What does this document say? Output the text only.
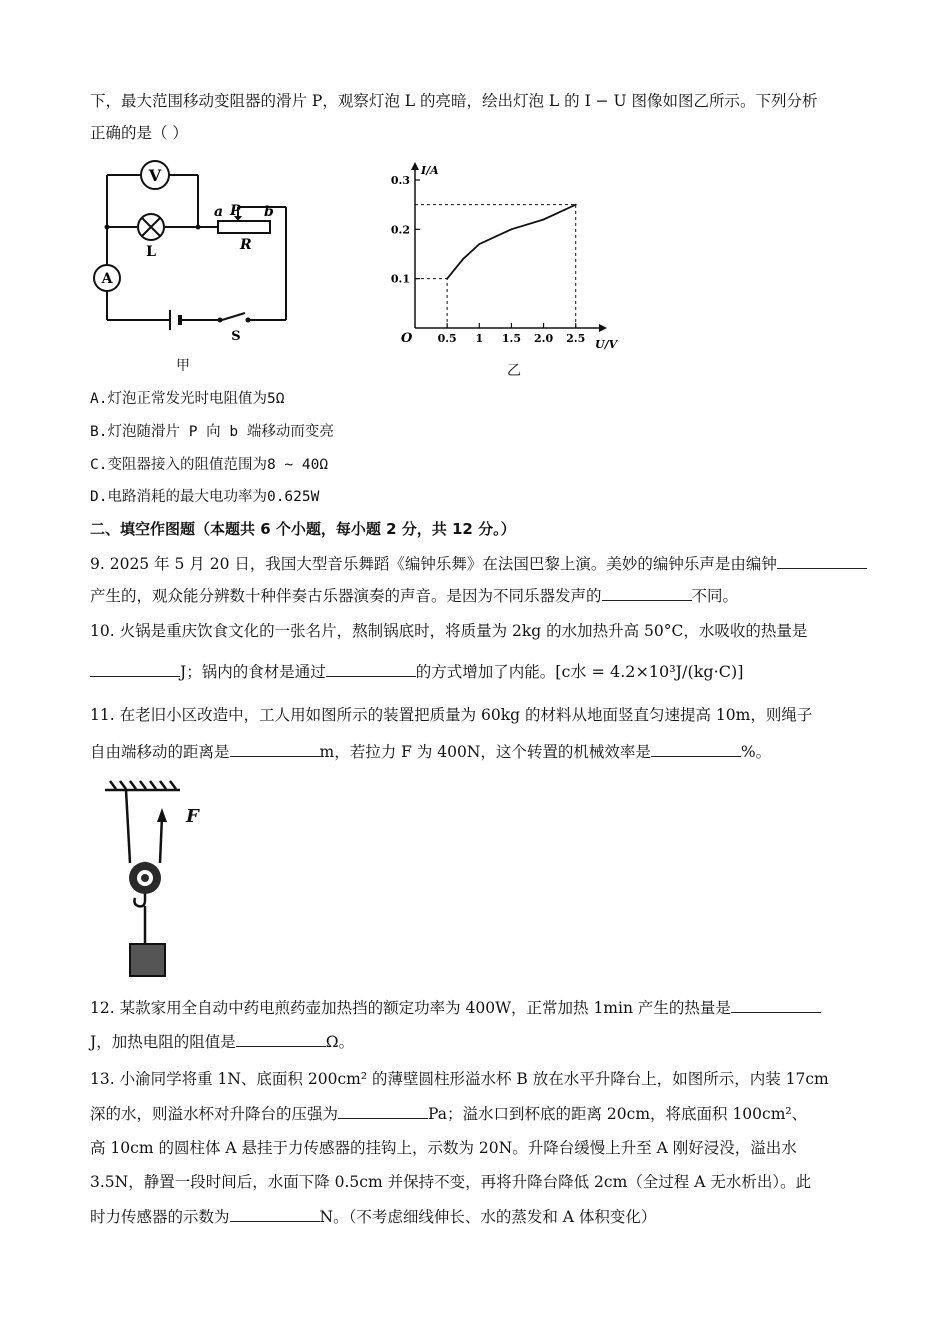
下，最大范围移动变阻器的滑片 P，观察灯泡 L 的亮暗，绘出灯泡 L 的 I − U 图像如图乙所示。下列分析
正确的是（ ）
V
L
a P b
R
A
S
甲
0.1
0.2
0.3
0.5 1 1.5 2.0 2.5
O
I/A
U/V
乙
A.灯泡正常发光时电阻值为5Ω
B.灯泡随滑片 P 向 b 端移动而变亮
C.变阻器接入的阻值范围为8 ~ 40Ω
D.电路消耗的最大电功率为0.625W
二、填空作图题（本题共 6 个小题，每小题 2 分，共 12 分。）
9. 2025 年 5 月 20 日，我国大型音乐舞蹈《编钟乐舞》在法国巴黎上演。美妙的编钟乐声是由编钟
产生的，观众能分辨数十种伴奏古乐器演奏的声音。是因为不同乐器发声的	不同。
10. 火锅是重庆饮食文化的一张名片，熬制锅底时，将质量为 2kg 的水加热升高 50°C，水吸收的热量是
J；锅内的食材是通过	的方式增加了内能。[c水 = 4.2×10³J/(kg·C)]
11. 在老旧小区改造中，工人用如图所示的装置把质量为 60kg 的材料从地面竖直匀速提高 10m，则绳子
自由端移动的距离是	m，若拉力 F 为 400N，这个转置的机械效率是	%。
F
12. 某款家用全自动中药电煎药壶加热挡的额定功率为 400W，正常加热 1min 产生的热量是
J，加热电阻的阻值是	Ω。
13. 小渝同学将重 1N、底面积 200cm² 的薄壁圆柱形溢水杯 B 放在水平升降台上，如图所示，内装 17cm
深的水，则溢水杯对升降台的压强为	Pa；溢水口到杯底的距离 20cm，将底面积 100cm²、
高 10cm 的圆柱体 A 悬挂于力传感器的挂钩上，示数为 20N。升降台缓慢上升至 A 刚好浸没，溢出水
3.5N，静置一段时间后，水面下降 0.5cm 并保持不变，再将升降台降低 2cm（全过程 A 无水析出）。此
时力传感器的示数为	N。（不考虑细线伸长、水的蒸发和 A 体积变化）
